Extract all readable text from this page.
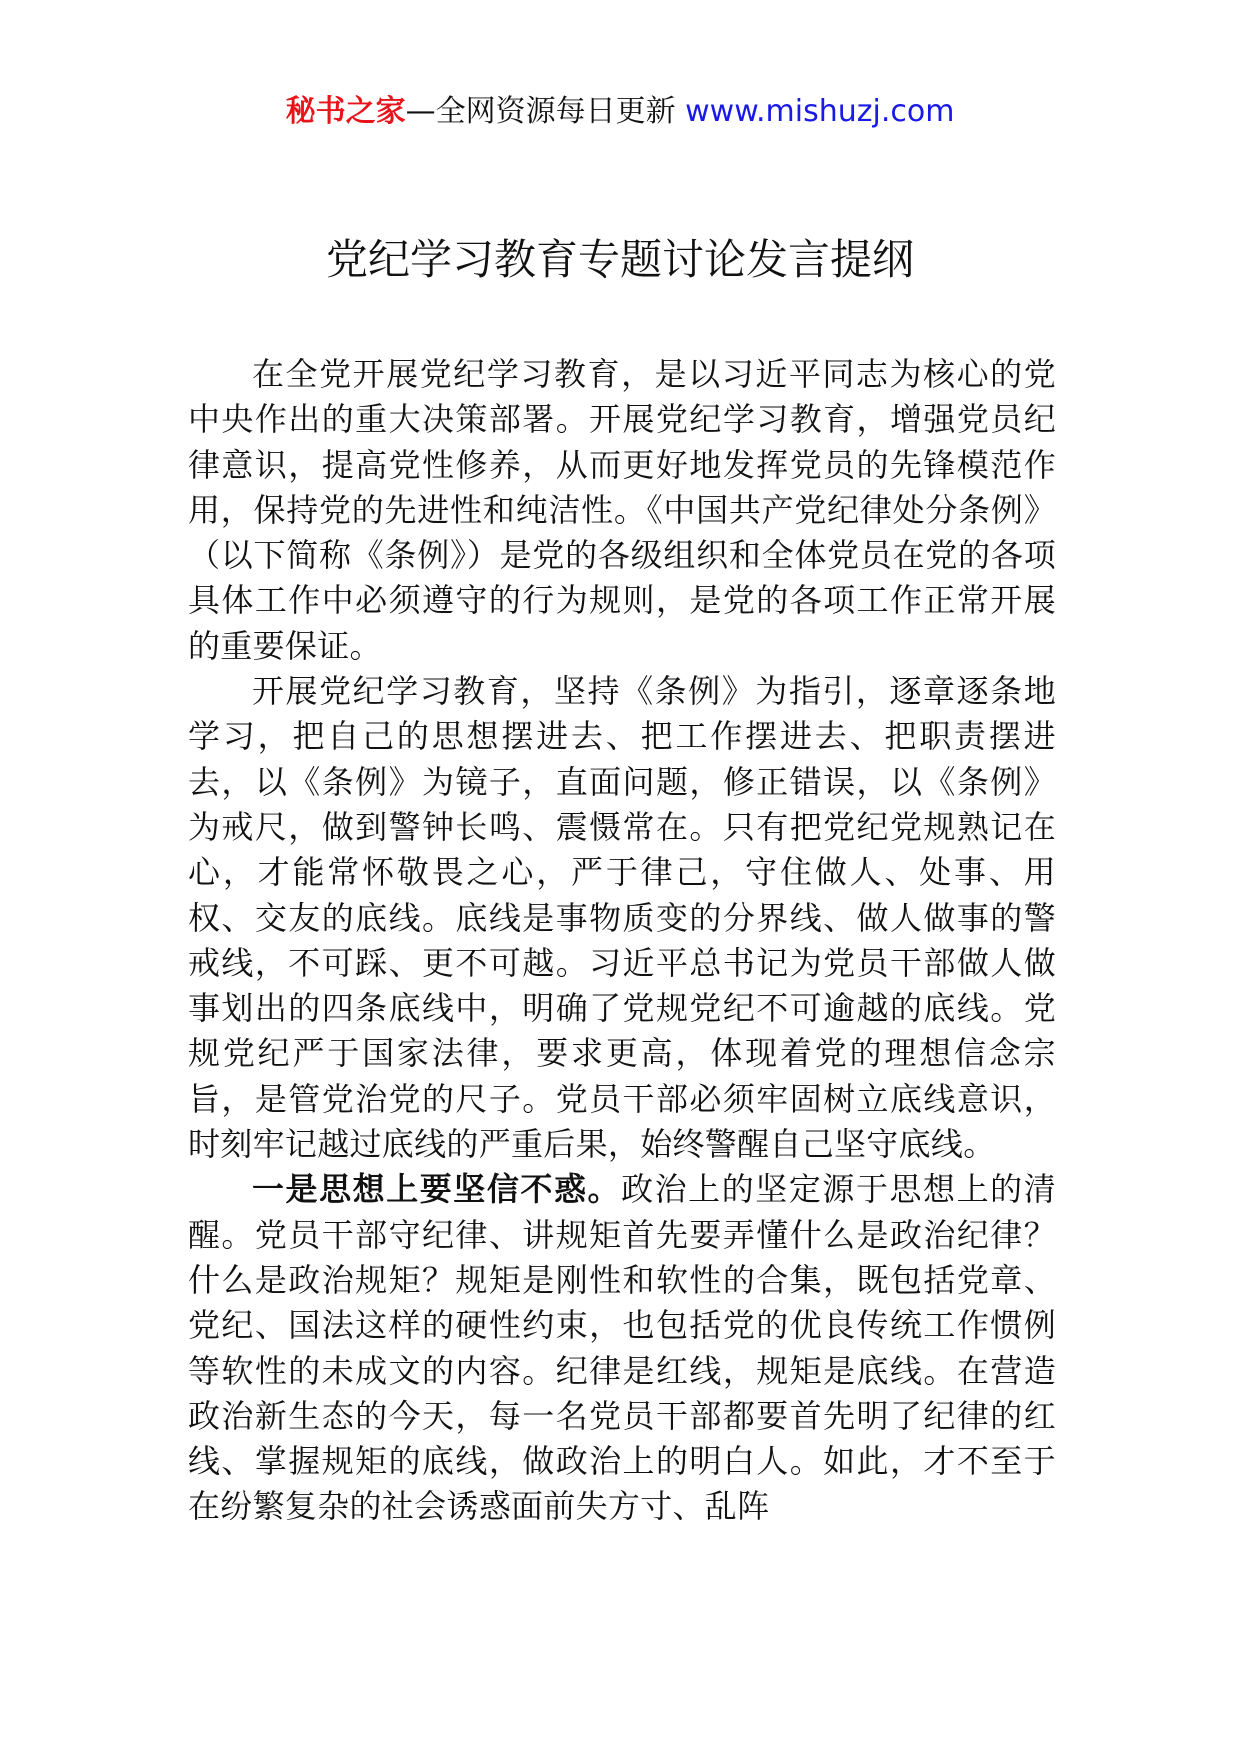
秘书之家—全网资源每日更新 www.mishuzj.com
党纪学习教育专题讨论发言提纲

在全党开展党纪学习教育，是以习近平同志为核心的党中央作出的重大决策部署。开展党纪学习教育，增强党员纪律意识，提高党性修养，从而更好地发挥党员的先锋模范作用，保持党的先进性和纯洁性。《中国共产党纪律处分条例》（以下简称《条例》）是党的各级组织和全体党员在党的各项具体工作中必须遵守的行为规则，是党的各项工作正常开展的重要保证。

开展党纪学习教育，坚持《条例》为指引，逐章逐条地学习，把自己的思想摆进去、把工作摆进去、把职责摆进去，以《条例》为镜子，直面问题，修正错误，以《条例》为戒尺，做到警钟长鸣、震慑常在。只有把党纪党规熟记在心，才能常怀敬畏之心，严于律己，守住做人、处事、用权、交友的底线。底线是事物质变的分界线、做人做事的警戒线，不可踩、更不可越。习近平总书记为党员干部做人做事划出的四条底线中，明确了党规党纪不可逾越的底线。党规党纪严于国家法律，要求更高，体现着党的理想信念宗旨，是管党治党的尺子。党员干部必须牢固树立底线意识，时刻牢记越过底线的严重后果，始终警醒自己坚守底线。

一是思想上要坚信不惑。政治上的坚定源于思想上的清醒。党员干部守纪律、讲规矩首先要弄懂什么是政治纪律？什么是政治规矩？规矩是刚性和软性的合集，既包括党章、党纪、国法这样的硬性约束，也包括党的优良传统工作惯例等软性的未成文的内容。纪律是红线，规矩是底线。在营造政治新生态的今天，每一名党员干部都要首先明了纪律的红线、掌握规矩的底线，做政治上的明白人。如此，才不至于在纷繁复杂的社会诱惑面前失方寸、乱阵
